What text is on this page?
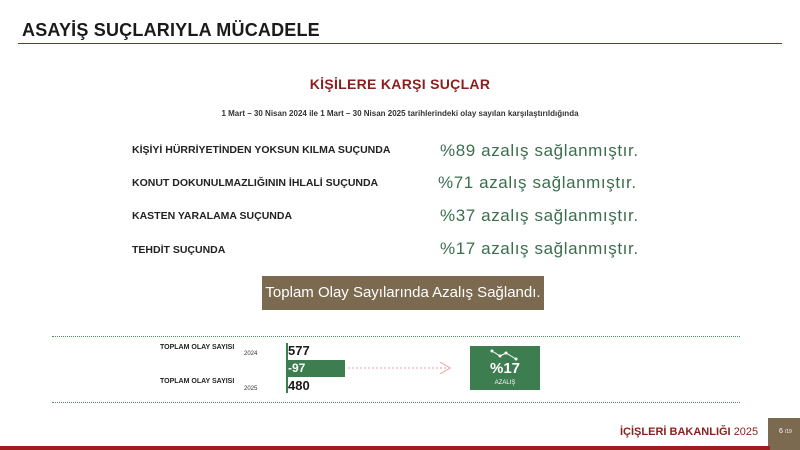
ASAYİŞ SUÇLARIYLA MÜCADELE
KİŞİLERE KARŞI SUÇLAR
1 Mart – 30 Nisan 2024 ile 1 Mart – 30 Nisan 2025 tarihlerindeki olay sayılan karşılaştırıldığında
KİŞİYİ HÜRRİYETİNDEN YOKSUN KILMA SUÇUNDA	%89 azalış sağlanmıştır.
KONUT DOKUNULMAZLIĞININ İHLALİ SUÇUNDA	%71 azalış sağlanmıştır.
KASTEN YARALAMA SUÇUNDA	%37 azalış sağlanmıştır.
TEHDİT SUÇUNDA	%17 azalış sağlanmıştır.
Toplam Olay Sayılarında Azalış Sağlandı.
TOPLAM OLAY SAYISI
2024 577
-97
TOPLAM OLAY SAYISI
2025 480
%17
AZALIŞ
İÇİŞLERİ BAKANLIĞI 2025	6 /19
